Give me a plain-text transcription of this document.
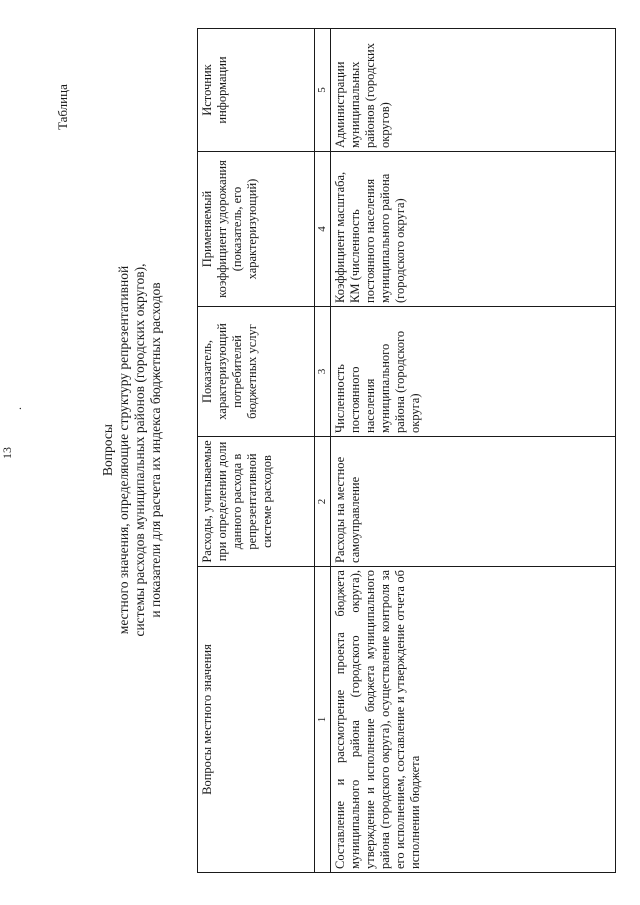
13
.
Таблица
Вопросы местного значения, определяющие структуру репрезентативной системы расходов муниципальных районов (городских округов), и показатели для расчета их индекса бюджетных расходов
Вопросы местного значения	Расходы, учитываемые при определении доли данного расхода в репрезентативной системе расходов	Показатель, характеризующий потребителей бюджетных услуг	Применяемый коэффициент удорожания (показатель, его характеризующий)	Источник информации
1	2	3	4	5
Составление и рассмотрение проекта бюджета муниципального района (городского округа), утверждение и исполнение бюджета муниципального района (городского округа), осуществление контроля за его исполнением, составление и утверждение отчета об исполнении бюджета	Расходы на местное самоуправление	Численность постоянного населения муниципального района (городского округа)	Коэффициент масштаба, КМ (численность постоянного населения муниципального района (городского округа)	Администрации муниципальных районов (городских округов)
